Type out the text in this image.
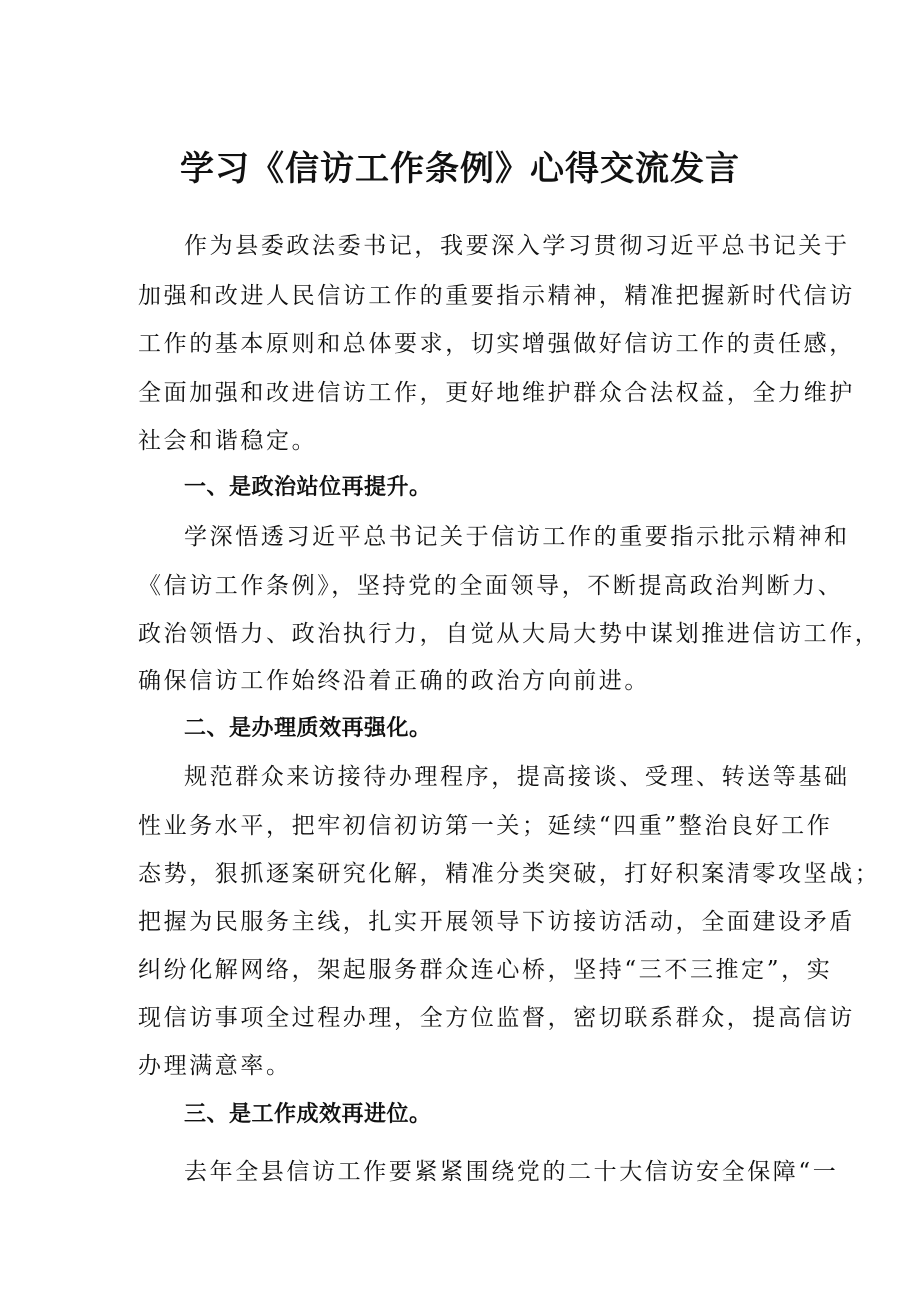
学习《信访工作条例》心得交流发言

作为县委政法委书记，我要深入学习贯彻习近平总书记关于

加强和改进人民信访工作的重要指示精神，精准把握新时代信访

工作的基本原则和总体要求，切实增强做好信访工作的责任感，

全面加强和改进信访工作，更好地维护群众合法权益，全力维护

社会和谐稳定。

一、是政治站位再提升。

学深悟透习近平总书记关于信访工作的重要指示批示精神和

《信访工作条例》，坚持党的全面领导，不断提高政治判断力、

政治领悟力、政治执行力，自觉从大局大势中谋划推进信访工作，

确保信访工作始终沿着正确的政治方向前进。

二、是办理质效再强化。

规范群众来访接待办理程序，提高接谈、受理、转送等基础

性业务水平，把牢初信初访第一关；延续“四重”整治良好工作

态势，狠抓逐案研究化解，精准分类突破，打好积案清零攻坚战；

把握为民服务主线，扎实开展领导下访接访活动，全面建设矛盾

纠纷化解网络，架起服务群众连心桥，坚持“三不三推定”，实

现信访事项全过程办理，全方位监督，密切联系群众，提高信访

办理满意率。

三、是工作成效再进位。

去年全县信访工作要紧紧围绕党的二十大信访安全保障“一
